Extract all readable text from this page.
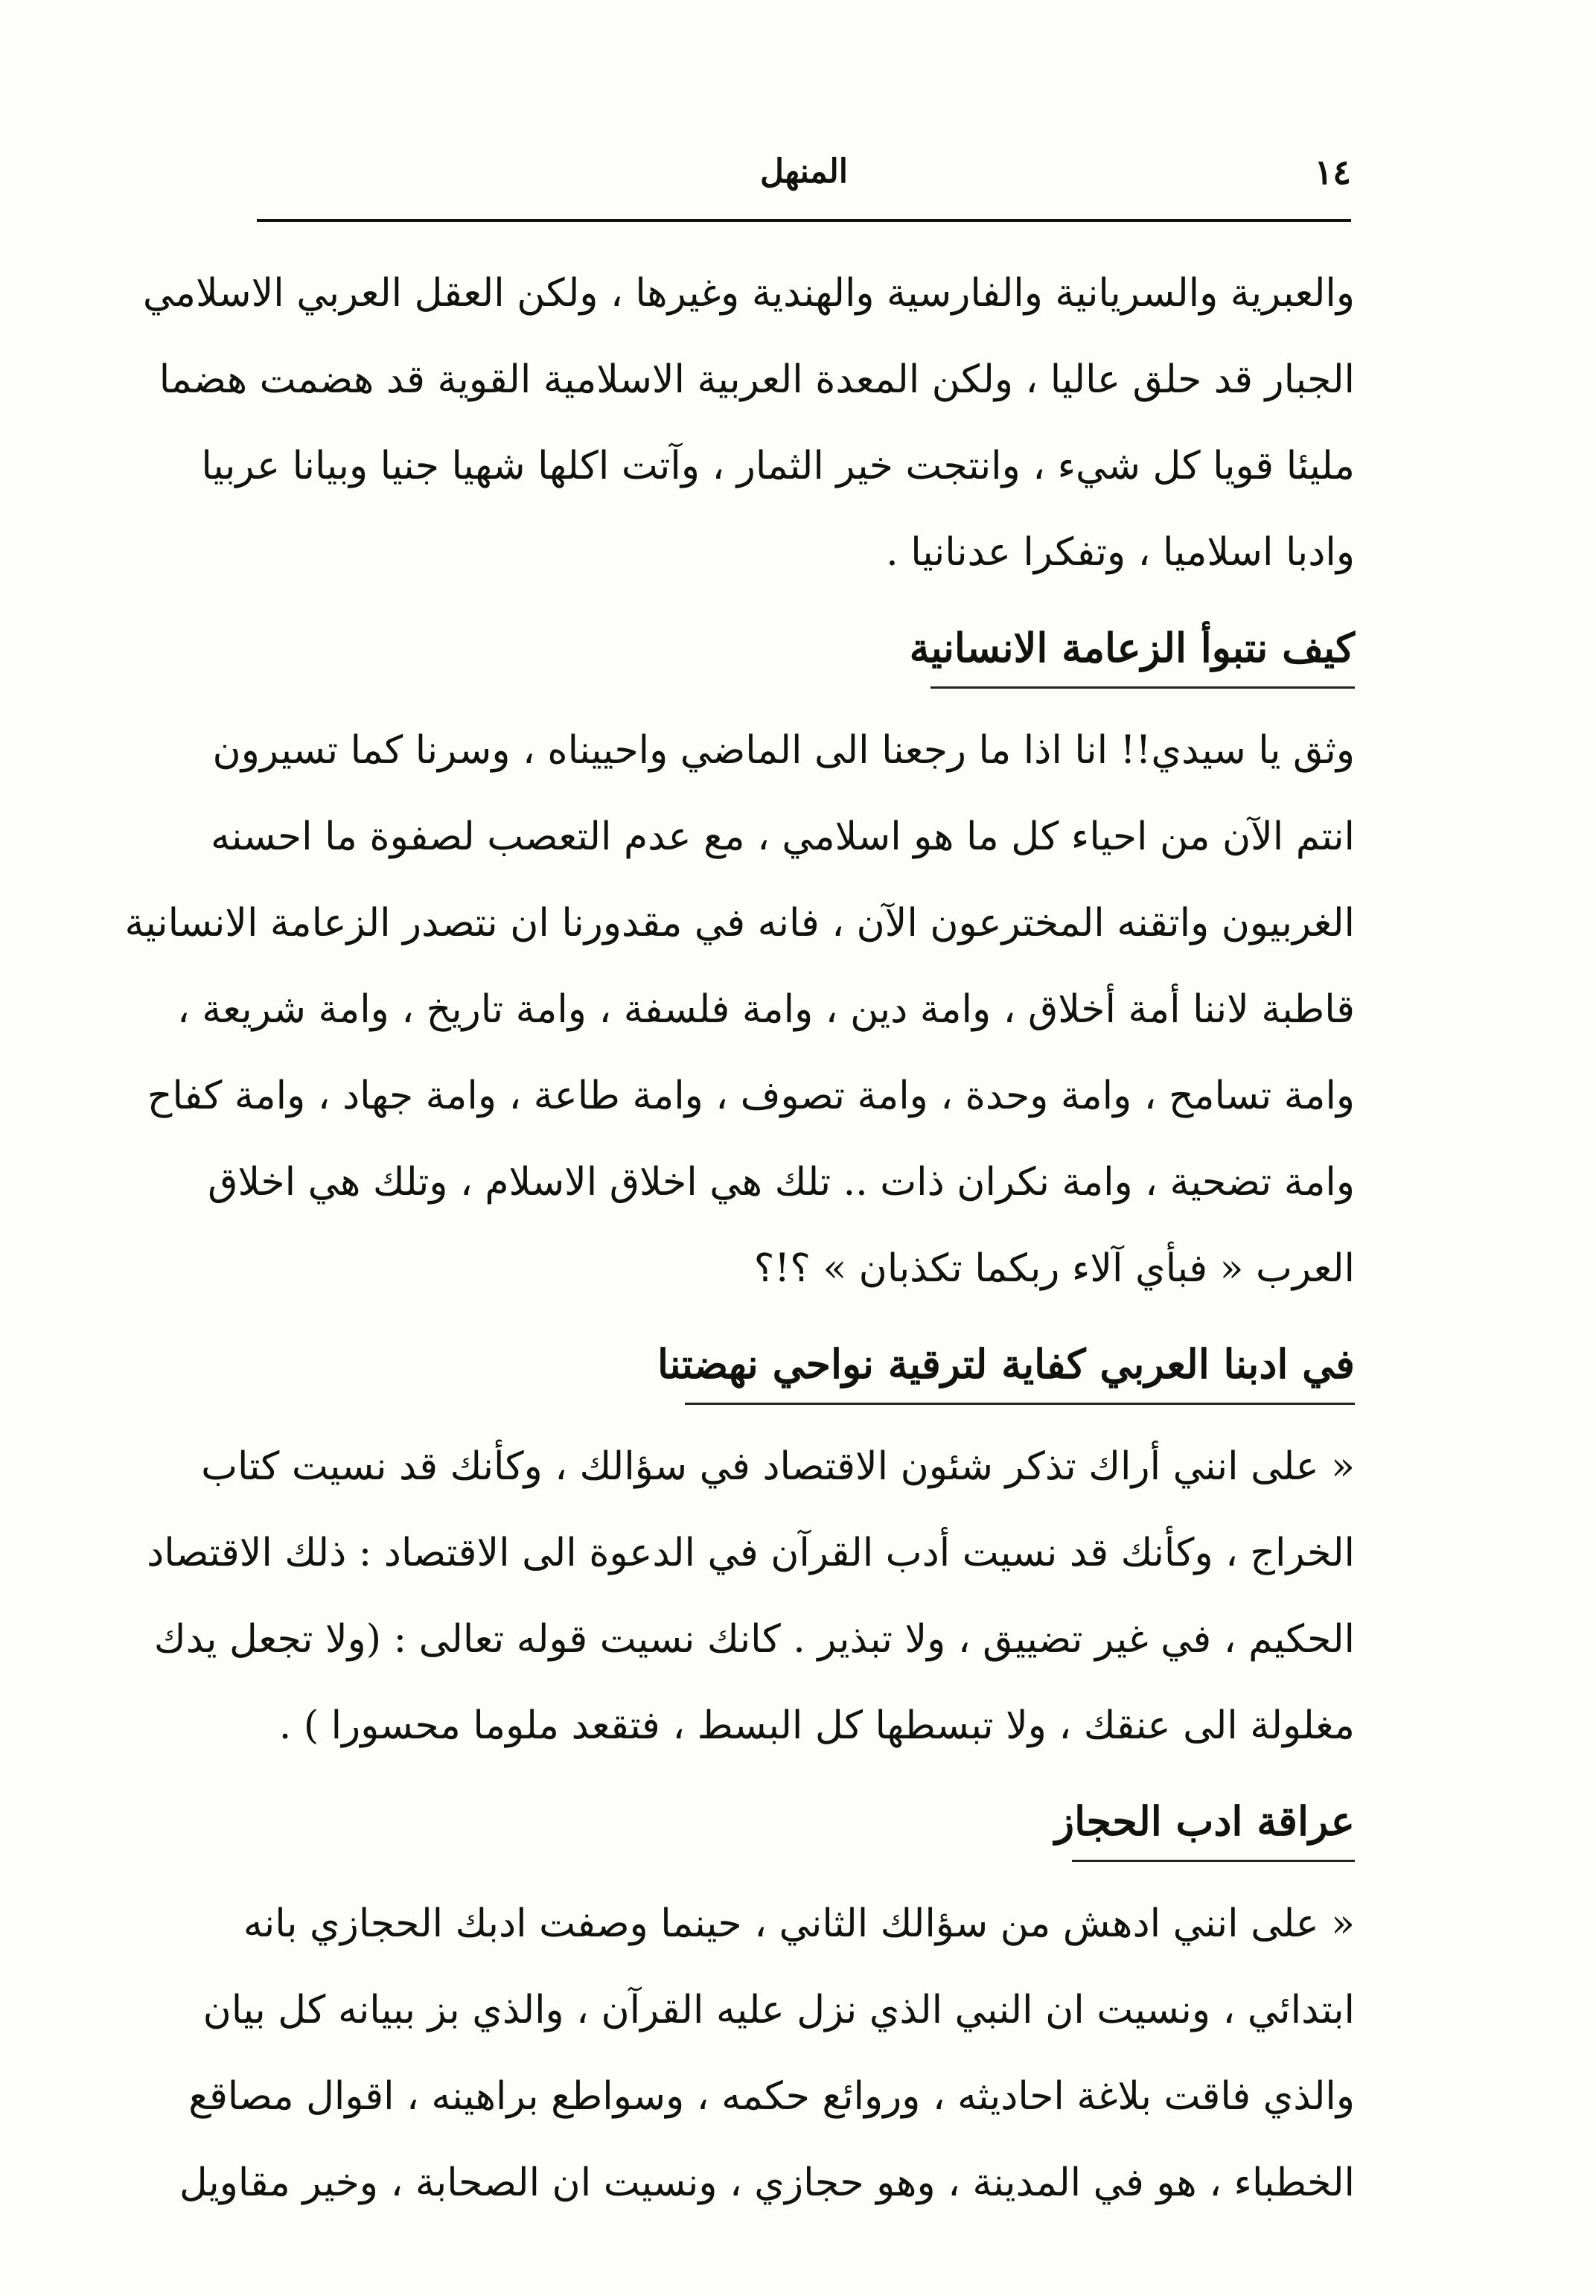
١٤
المنهل
والعبرية والسريانية والفارسية والهندية وغيرها ، ولكن العقل العربي الاسلامي
الجبار قد حلق عاليا ، ولكن المعدة العربية الاسلامية القوية قد هضمت هضما
مليئا قويا كل شيء ، وانتجت خير الثمار ، وآتت اكلها شهيا جنيا وبيانا عربيا
وادبا اسلاميا ، وتفكرا عدنانيا .
كيف نتبوأ الزعامة الانسانية
وثق يا سيدي!! انا اذا ما رجعنا الى الماضي واحييناه ، وسرنا كما تسيرون
انتم الآن من احياء كل ما هو اسلامي ، مع عدم التعصب لصفوة ما احسنه
الغربيون واتقنه المخترعون الآن ، فانه في مقدورنا ان نتصدر الزعامة الانسانية
قاطبة لاننا أمة أخلاق ، وامة دين ، وامة فلسفة ، وامة تاريخ ، وامة شريعة ،
وامة تسامح ، وامة وحدة ، وامة تصوف ، وامة طاعة ، وامة جهاد ، وامة كفاح
وامة تضحية ، وامة نكران ذات .. تلك هي اخلاق الاسلام ، وتلك هي اخلاق
العرب « فبأي آلاء ربكما تكذبان » ؟!؟
في ادبنا العربي كفاية لترقية نواحي نهضتنا
« على انني أراك تذكر شئون الاقتصاد في سؤالك ، وكأنك قد نسيت كتاب
الخراج ، وكأنك قد نسيت أدب القرآن في الدعوة الى الاقتصاد : ذلك الاقتصاد
الحكيم ، في غير تضييق ، ولا تبذير . كانك نسيت قوله تعالى : (ولا تجعل يدك
مغلولة الى عنقك ، ولا تبسطها كل البسط ، فتقعد ملوما محسورا ) .
عراقة ادب الحجاز
« على انني ادهش من سؤالك الثاني ، حينما وصفت ادبك الحجازي بانه
ابتدائي ، ونسيت ان النبي الذي نزل عليه القرآن ، والذي بز ببيانه كل بيان
والذي فاقت بلاغة احاديثه ، وروائع حكمه ، وسواطع براهينه ، اقوال مصاقع
الخطباء ، هو في المدينة ، وهو حجازي ، ونسيت ان الصحابة ، وخير مقاويل
